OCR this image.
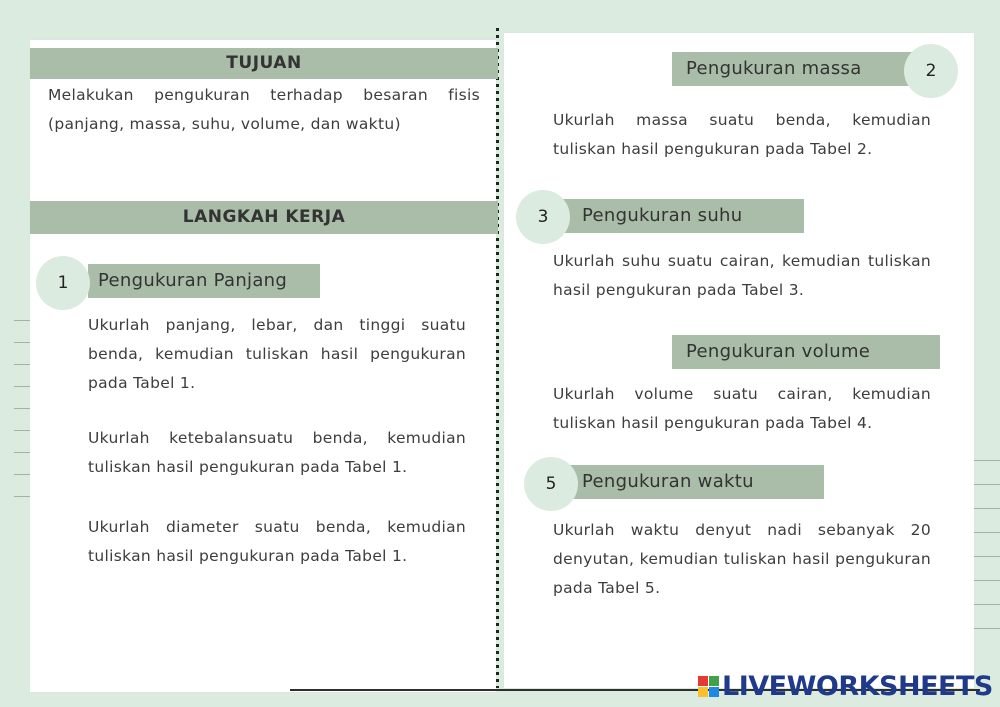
TUJUAN
Melakukan pengukuran terhadap besaran fisis (panjang, massa, suhu, volume, dan waktu)
LANGKAH KERJA
Pengukuran Panjang
1
Ukurlah panjang, lebar, dan tinggi suatu benda, kemudian tuliskan hasil pengukuran pada Tabel 1.
Ukurlah ketebalansuatu benda, kemudian tuliskan hasil pengukuran pada Tabel 1.
Ukurlah diameter suatu benda, kemudian tuliskan hasil pengukuran pada Tabel 1.
Pengukuran massa	2
Ukurlah massa suatu benda, kemudian tuliskan hasil pengukuran pada Tabel 2.
Pengukuran suhu
3
Ukurlah suhu suatu cairan, kemudian tuliskan hasil pengukuran pada Tabel 3.
Pengukuran volume
Ukurlah volume suatu cairan, kemudian tuliskan hasil pengukuran pada Tabel 4.
Pengukuran waktu
5
Ukurlah waktu denyut nadi sebanyak 20 denyutan, kemudian tuliskan hasil pengukuran pada Tabel 5.
LIVEWORKSHEETS
